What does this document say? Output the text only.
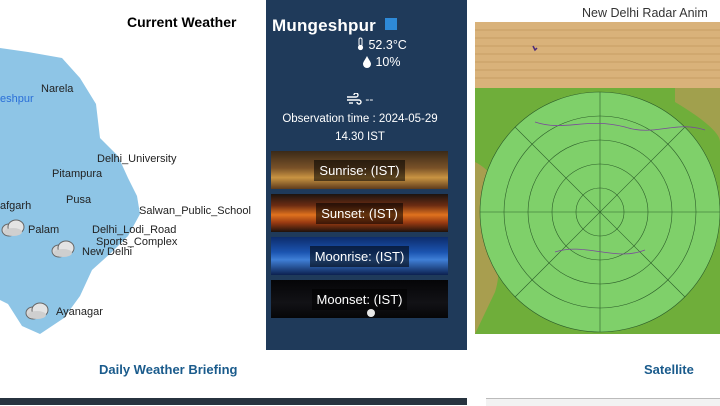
Current Weather
eshpur
Narela
Delhi_University
Pitampura
Pusa
afgarh	Salwan_Public_School
Palam	Delhi_Lodi_Road
Sports_Complex
New Delhi
Ayanagar
Mungeshpur
52.3°C
10%
--
Observation time : 2024-05-29
14.30 IST
Sunrise: (IST)
Sunset: (IST)
Moonrise: (IST)
Moonset: (IST)
New Delhi Radar Anim
Daily Weather Briefing	Satellite
